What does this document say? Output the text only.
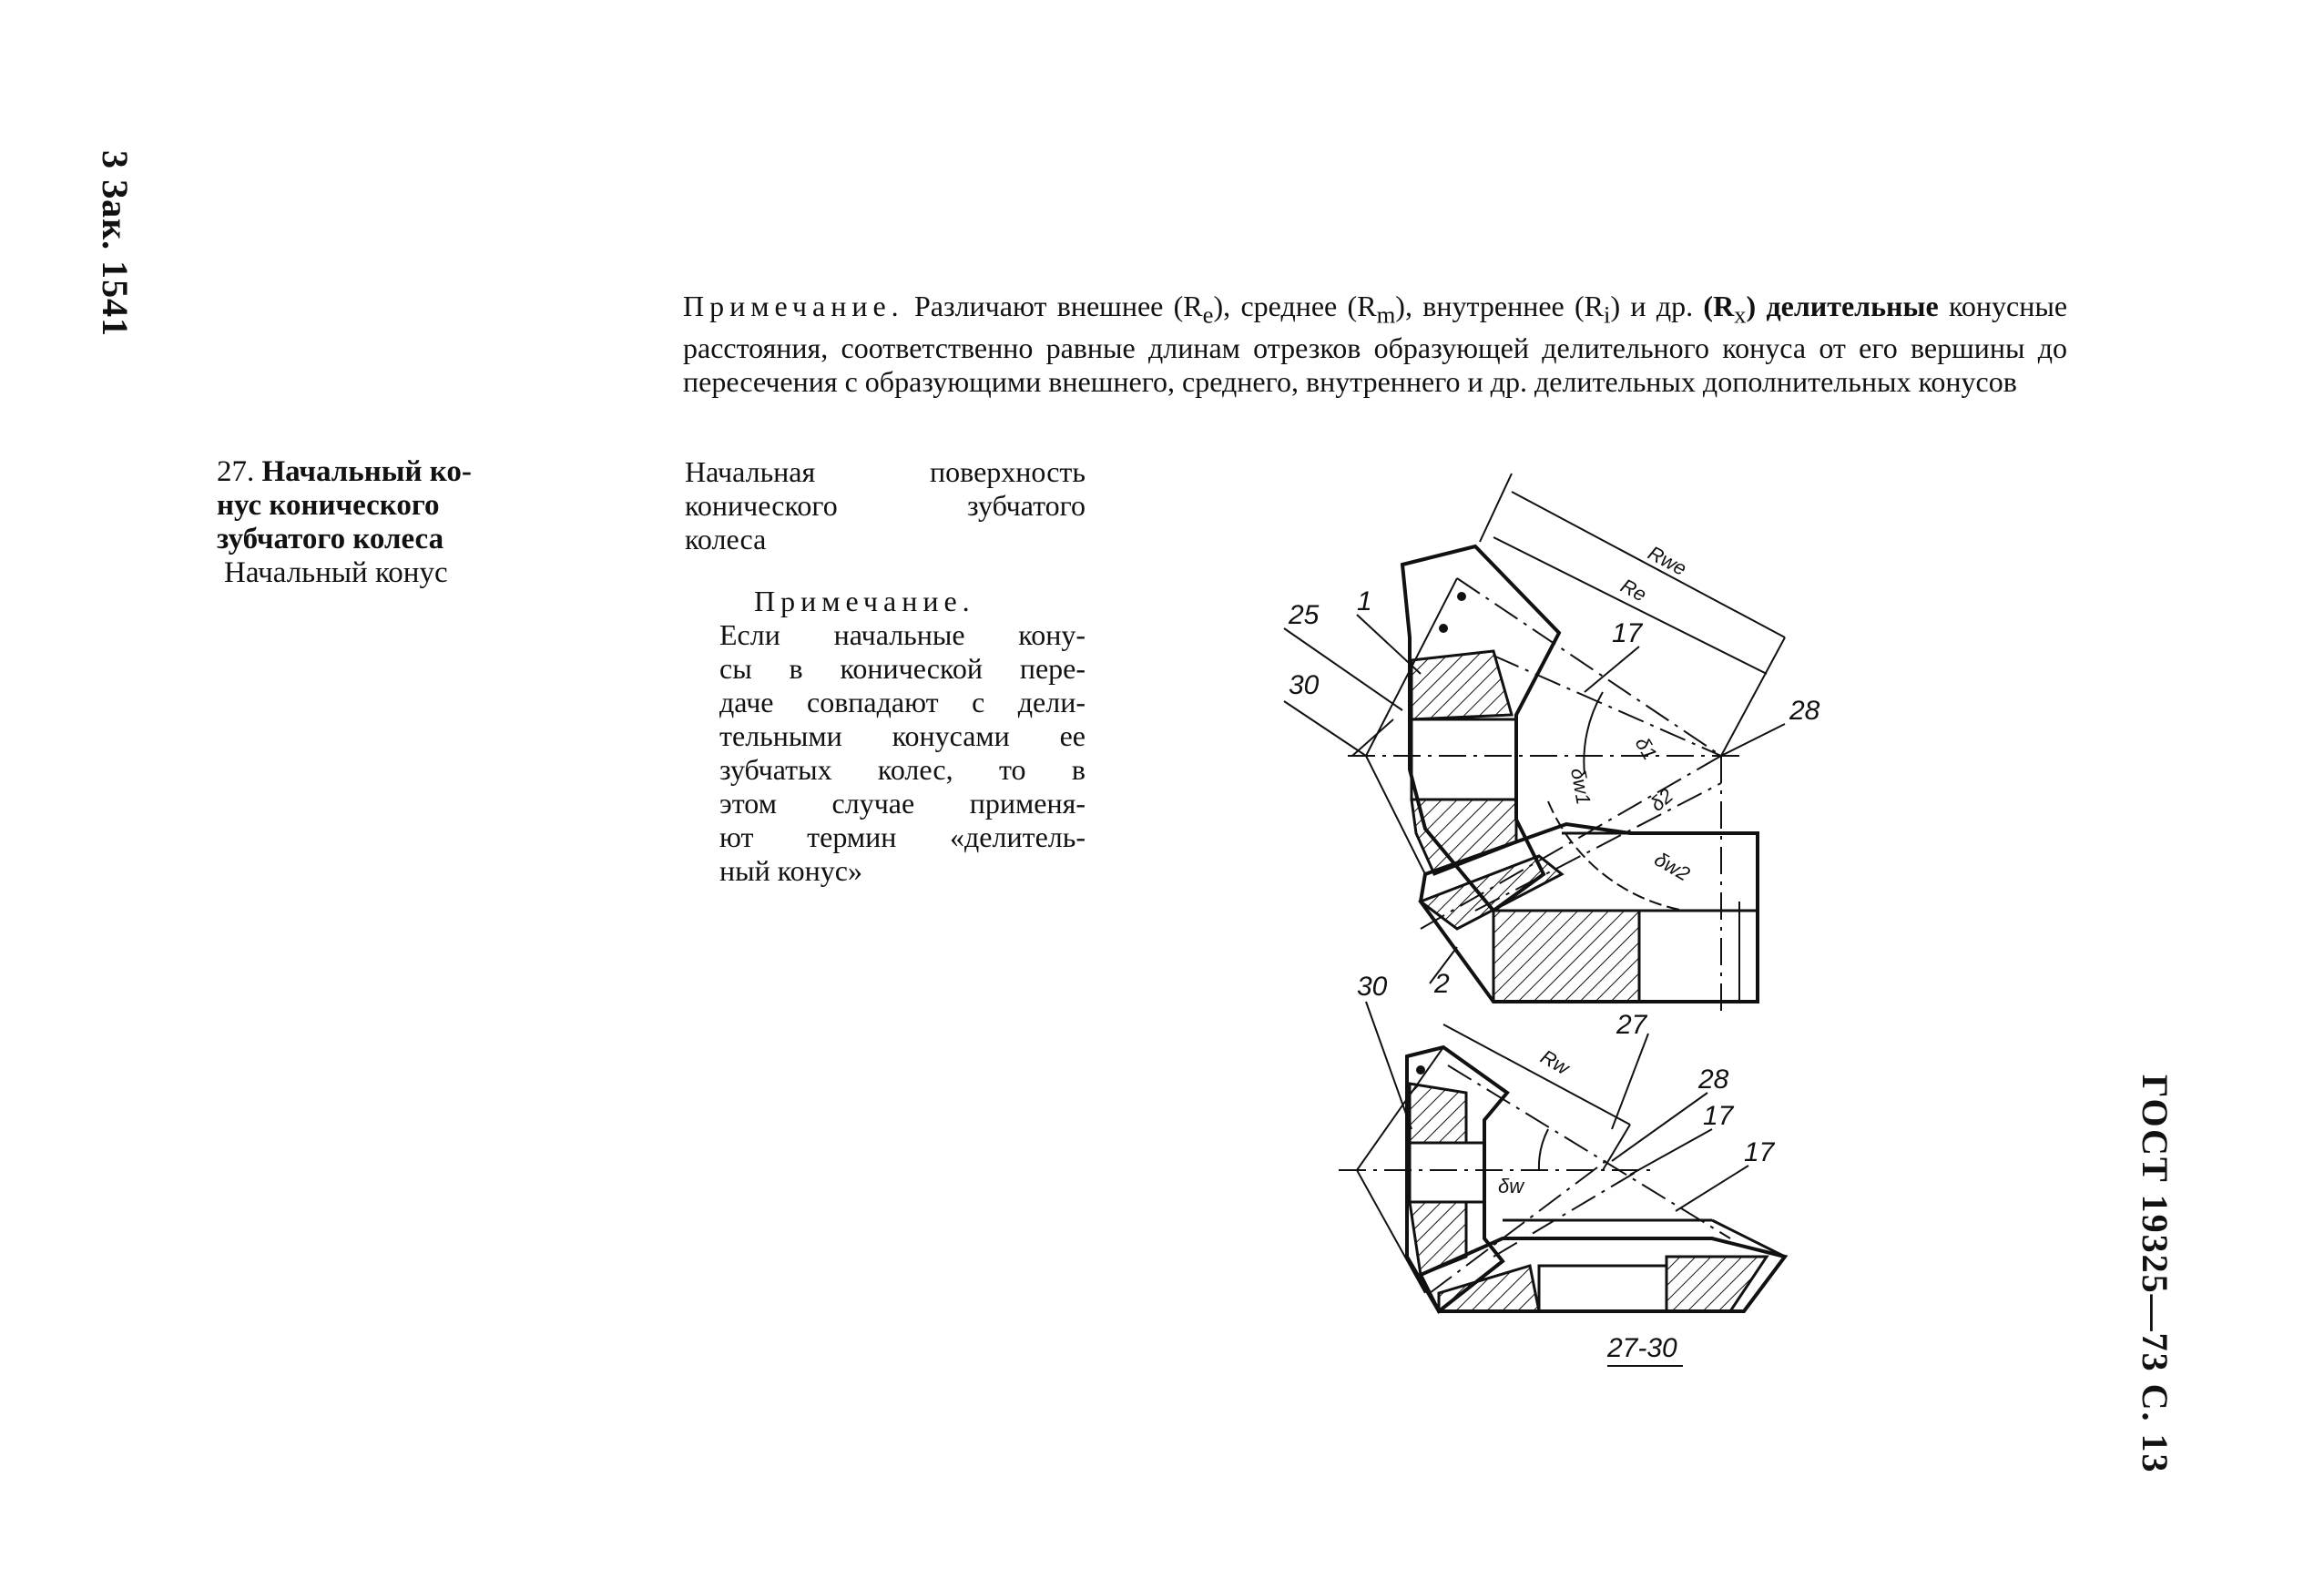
3 Зак. 1541
ГОСТ 19325—73 С. 13
Примечание. Различают внешнее $(R_e)$, среднее $(R_m)$, внутреннее $(R_i)$ и др. $(R_x)$ делительные конусные расстояния, соответственно равные длинам отрезков образующей делительного конуса от его вершины до пересечения с образующими внешнего, среднего, внутреннего и др. делительных дополнительных конусов
27. Начальный ко-
нус конического
зубчатого колеса
Начальный конус

Начальная поверхность

конического зубчатого

колеса

Примечание.

Если начальные кону-

сы в конической пере-

даче совпадают с дели-

тельными конусами ее

зубчатых колес, то в

этом случае применя-

ют термин «делитель-

ный конус»

25 1
30
17
28
2
Rwe
Re
δ1
δw1	δ2
δw2
30
27
Rw
28
17
17
δw
27-30
